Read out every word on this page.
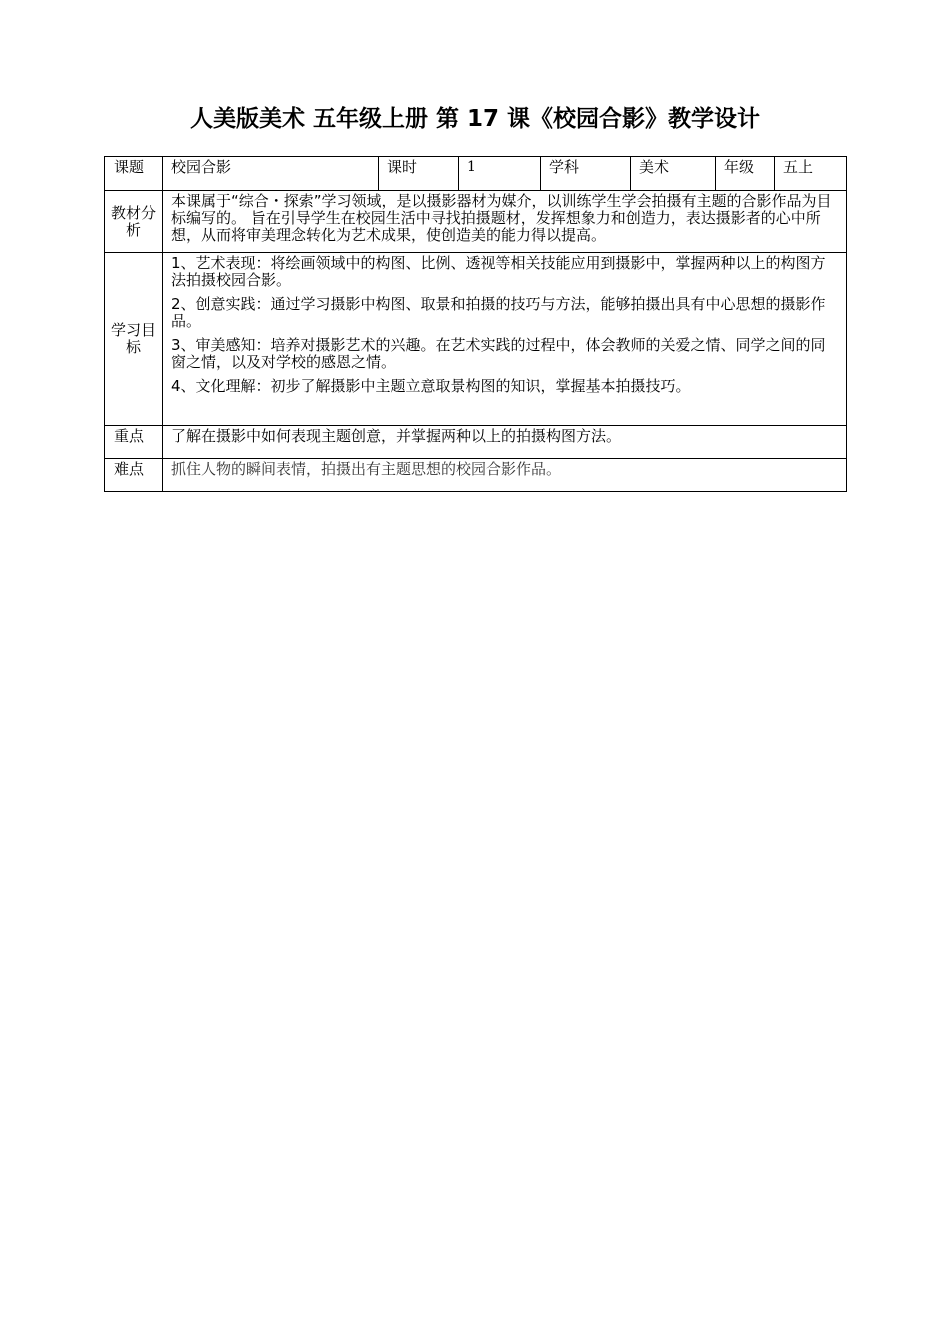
人美版美术 五年级上册 第 17 课《校园合影》教学设计
课题	校园合影	课时	1	学科	美术	年级	五上
教材分析	本课属于“综合・探索”学习领域，是以摄影器材为媒介，以训练学生学会拍摄有主题的合影作品为目标编写的。 旨在引导学生在校园生活中寻找拍摄题材，发挥想象力和创造力，表达摄影者的心中所想，从而将审美理念转化为艺术成果，使创造美的能力得以提高。						
学习目标	1、艺术表现：将绘画领域中的构图、比例、透视等相关技能应用到摄影中，掌握两种以上的构图方法拍摄校园合影。

2、创意实践：通过学习摄影中构图、取景和拍摄的技巧与方法，能够拍摄出具有中心思想的摄影作品。

3、审美感知：培养对摄影艺术的兴趣。在艺术实践的过程中，体会教师的关爱之情、同学之间的同窗之情，以及对学校的感恩之情。

4、文化理解：初步了解摄影中主题立意取景构图的知识，掌握基本拍摄技巧。						

重点	了解在摄影中如何表现主题创意，并掌握两种以上的拍摄构图方法。						
难点	抓住人物的瞬间表情，拍摄出有主题思想的校园合影作品。						
